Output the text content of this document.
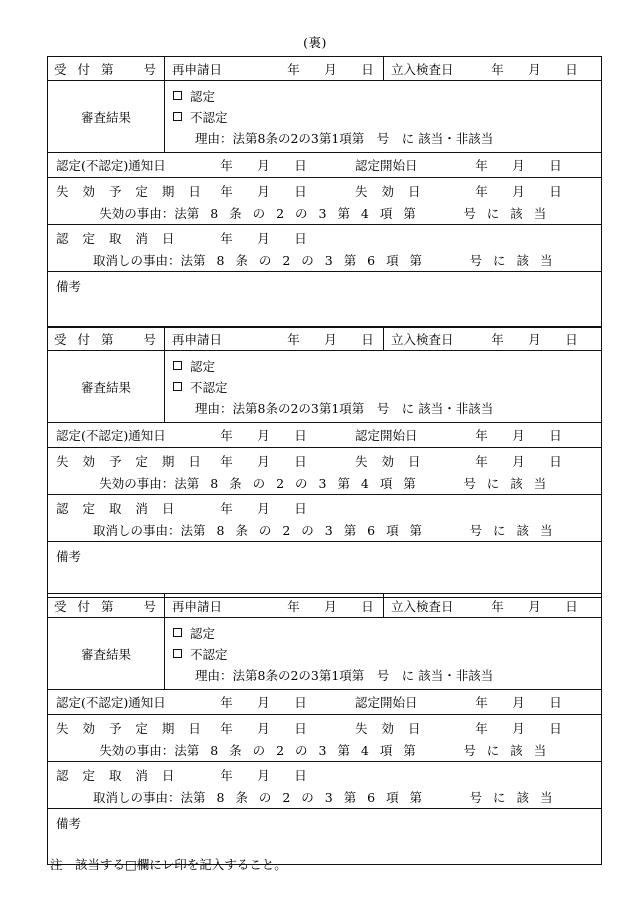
(裏)
受 付 第 号 再申請日	年	月	日	立入検査日	年	月	日
審査結果
認定
不認定
理由：法第8条の2の3第1項第　号　に 該当・非該当
認定(不認定)通知日	年	月	日	認定開始日	年	月	日
失 効 予 定 期 日	年	月	日	失 効 日	年	月	日
失効の事由：法第 8 条 の 2 の 3 第 4 項 第	号 に 該 当
認 定 取 消 日	年	月	日
取消しの事由：法第 8 条 の 2 の 3 第 6 項 第	号 に 該 当
備考
受 付 第 号 再申請日	年	月	日	立入検査日	年	月	日
審査結果
認定
不認定
理由：法第8条の2の3第1項第　号　に 該当・非該当
認定(不認定)通知日	年	月	日	認定開始日	年	月	日
失 効 予 定 期 日	年	月	日	失 効 日	年	月	日
失効の事由：法第 8 条 の 2 の 3 第 4 項 第	号 に 該 当
認 定 取 消 日	年	月	日
取消しの事由：法第 8 条 の 2 の 3 第 6 項 第	号 に 該 当
備考
受 付 第 号 再申請日	年	月	日	立入検査日	年	月	日
審査結果
認定
不認定
理由：法第8条の2の3第1項第　号　に 該当・非該当
認定(不認定)通知日	年	月	日	認定開始日	年	月	日
失 効 予 定 期 日	年	月	日	失 効 日	年	月	日
失効の事由：法第 8 条 の 2 の 3 第 4 項 第	号 に 該 当
認 定 取 消 日	年	月	日
取消しの事由：法第 8 条 の 2 の 3 第 6 項 第	号 に 該 当
備考
注　該当する□欄にレ印を記入すること。
